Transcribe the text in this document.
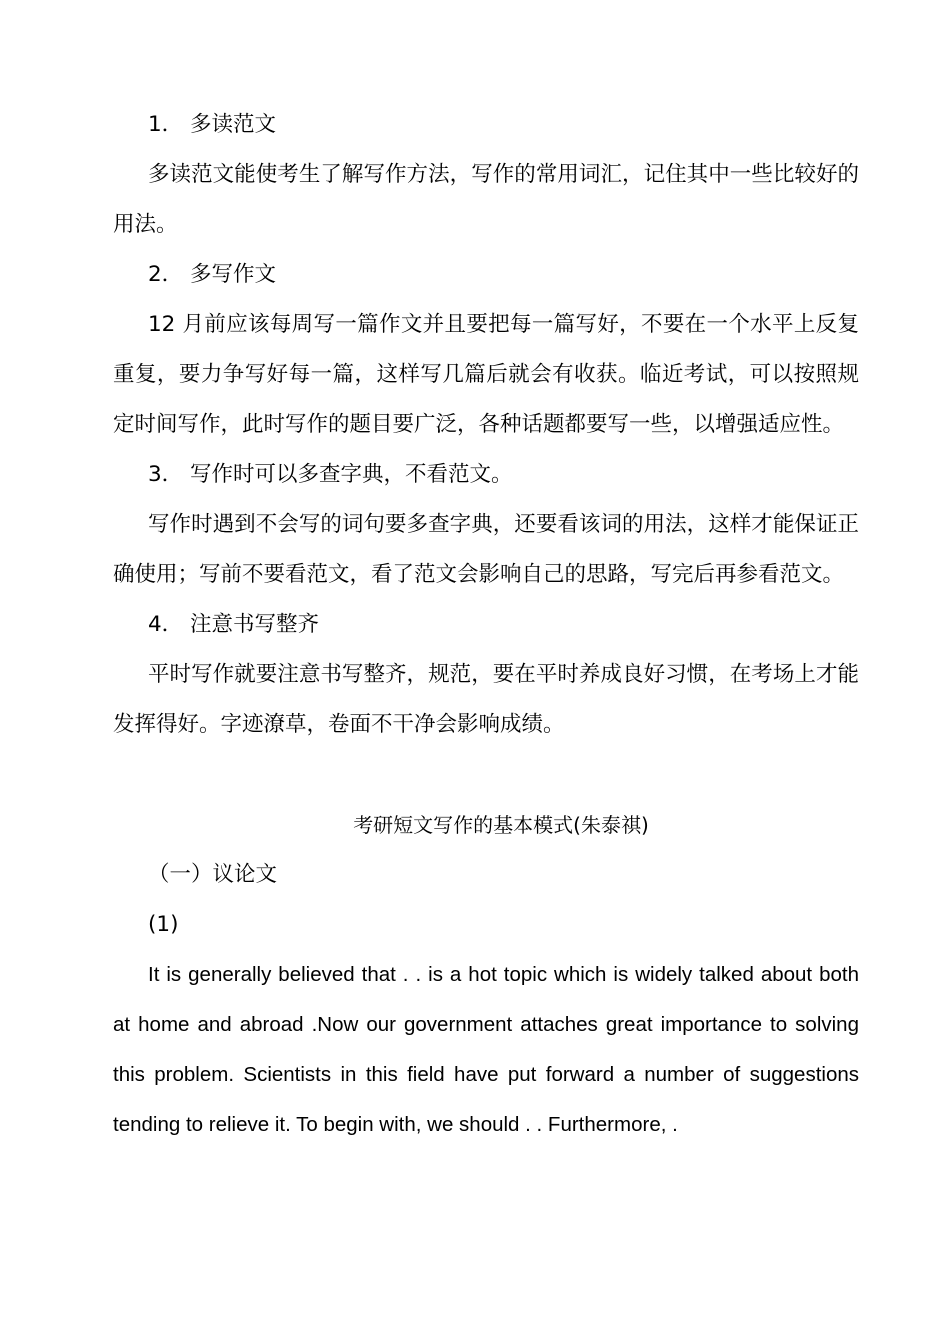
1． 多读范文

多读范文能使考生了解写作方法，写作的常用词汇，记住其中一些比较好的用法。

2． 多写作文

12 月前应该每周写一篇作文并且要把每一篇写好，不要在一个水平上反复重复，要力争写好每一篇，这样写几篇后就会有收获。临近考试，可以按照规定时间写作，此时写作的题目要广泛，各种话题都要写一些，以增强适应性。

3． 写作时可以多查字典，不看范文。

写作时遇到不会写的词句要多查字典，还要看该词的用法，这样才能保证正确使用；写前不要看范文，看了范文会影响自己的思路，写完后再参看范文。

4． 注意书写整齐

平时写作就要注意书写整齐，规范，要在平时养成良好习惯，在考场上才能发挥得好。字迹潦草，卷面不干净会影响成绩。

考研短文写作的基本模式(朱泰祺)

（一）议论文

(1)

It is generally believed that . . is a hot topic which is widely talked about both at home and abroad .Now our government attaches great importance to solving this problem. Scientists in this field have put forward a number of suggestions tending to relieve it. To begin with, we should . . Furthermore, .
